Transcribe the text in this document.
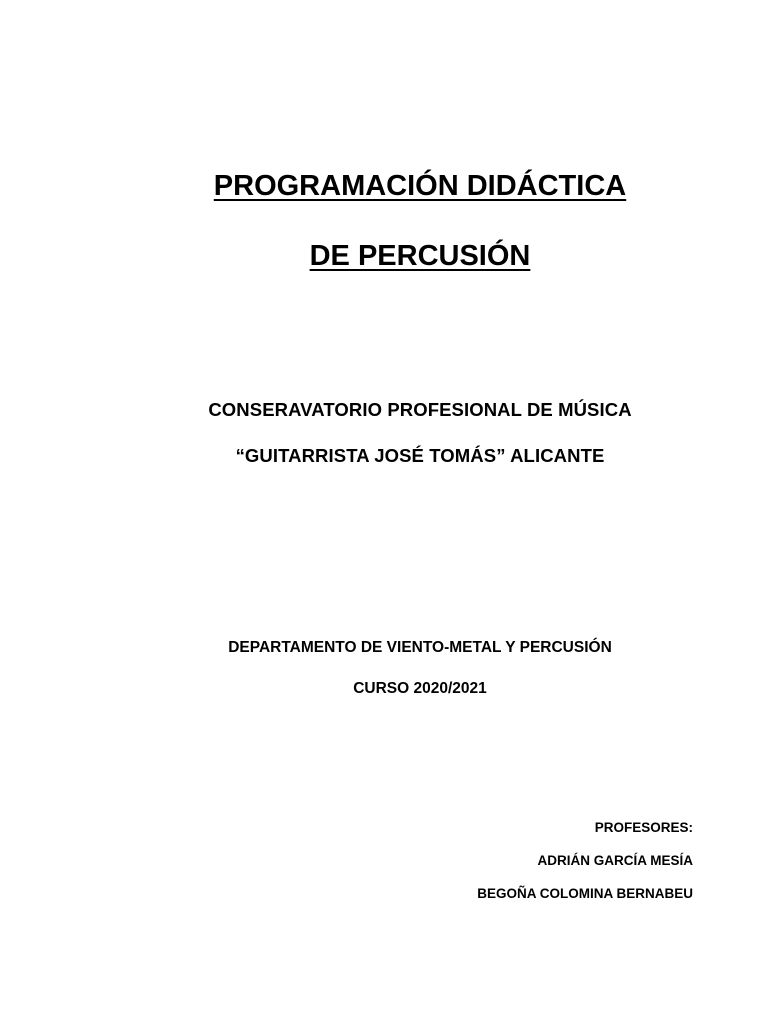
PROGRAMACIÓN DIDÁCTICA
DE PERCUSIÓN
CONSERAVATORIO PROFESIONAL DE MÚSICA
“GUITARRISTA JOSÉ TOMÁS” ALICANTE
DEPARTAMENTO DE VIENTO-METAL Y PERCUSIÓN
CURSO 2020/2021
PROFESORES:
ADRIÁN GARCÍA MESÍA
BEGOÑA COLOMINA BERNABEU
